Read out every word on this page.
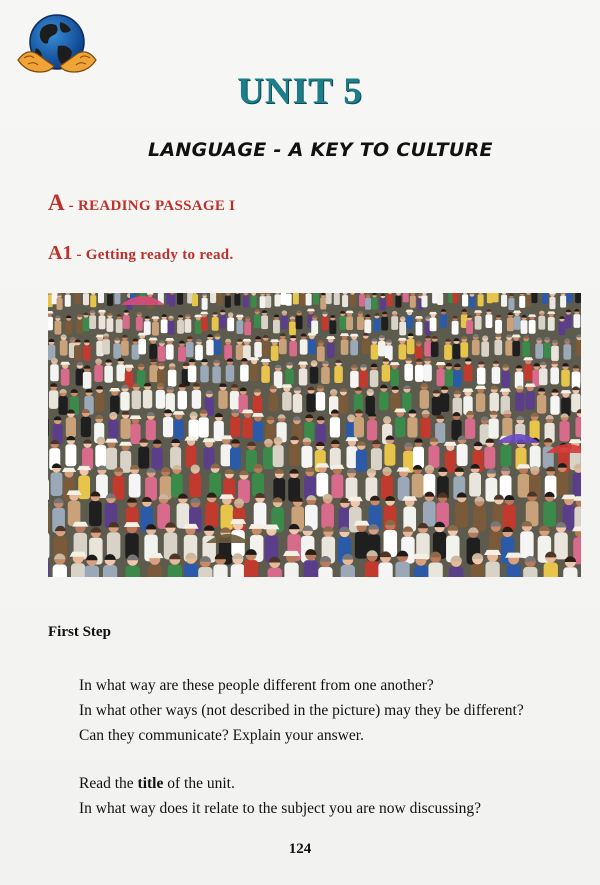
UNIT 5
LANGUAGE - A KEY TO CULTURE
A - READING PASSAGE I
A1 - Getting ready to read.
First Step

In what way are these people different from one another?

In what other ways (not described in the picture) may they be different?

Can they communicate? Explain your answer.

Read the title of the unit.

In what way does it relate to the subject you are now discussing?

124
